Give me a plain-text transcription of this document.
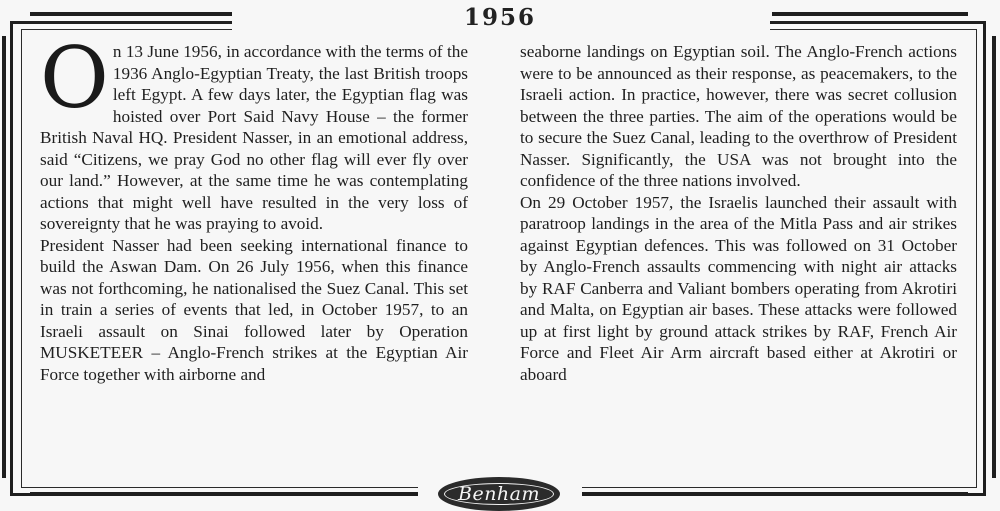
1956
O n 13 June 1956, in accordance with the terms of the 1936 Anglo-Egyptian Treaty, the last British troops left Egypt. A few days later, the Egyptian flag was hoisted over Port Said Navy House – the former British Naval HQ. President Nasser, in an emotional address, said “Citizens, we pray God no other flag will ever fly over our land.” However, at the same time he was contemplating actions that might well have resulted in the very loss of sovereignty that he was praying to avoid.

President Nasser had been seeking international finance to build the Aswan Dam. On 26 July 1956, when this finance was not forthcoming, he nationalised the Suez Canal. This set in train a series of events that led, in October 1957, to an Israeli assault on Sinai followed later by Operation MUSKETEER – Anglo-French strikes at the Egyptian Air Force together with airborne and

seaborne landings on Egyptian soil. The Anglo-French actions were to be announced as their response, as peacemakers, to the Israeli action. In practice, however, there was secret collusion between the three parties. The aim of the operations would be to secure the Suez Canal, leading to the overthrow of President Nasser. Significantly, the USA was not brought into the confidence of the three nations involved.

On 29 October 1957, the Israelis launched their assault with paratroop landings in the area of the Mitla Pass and air strikes against Egyptian defences. This was followed on 31 October by Anglo-French assaults commencing with night air attacks by RAF Canberra and Valiant bombers operating from Akrotiri and Malta, on Egyptian air bases. These attacks were followed up at first light by ground attack strikes by RAF, French Air Force and Fleet Air Arm aircraft based either at Akrotiri or aboard

Benham
